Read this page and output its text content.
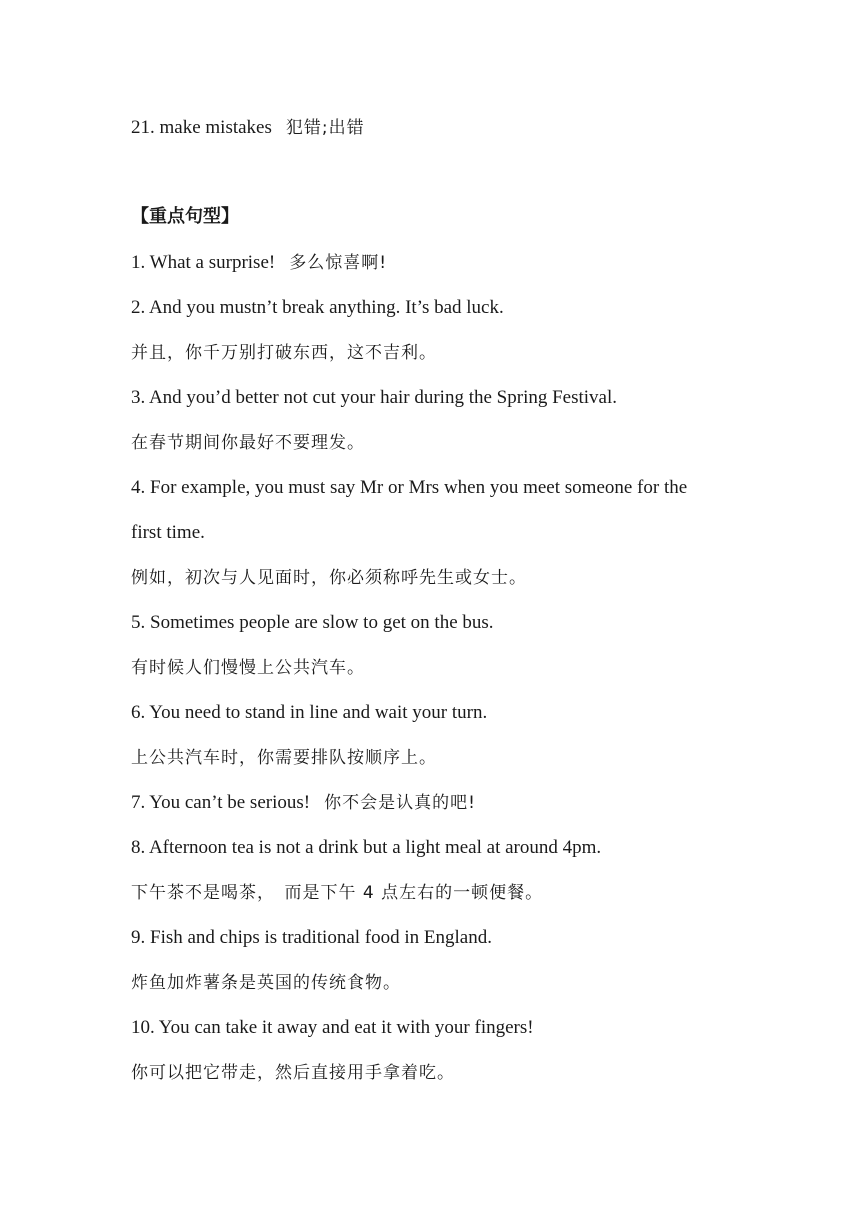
21. make mistakes 犯错;出错
【重点句型】
1. What a surprise! 多么惊喜啊!
2. And you mustn’t break anything. It’s bad luck.
并且，你千万别打破东西，这不吉利。
3. And you’d better not cut your hair during the Spring Festival.
在春节期间你最好不要理发。
4. For example, you must say Mr or Mrs when you meet someone for the
first time.
例如，初次与人见面时，你必须称呼先生或女士。
5. Sometimes people are slow to get on the bus.
有时候人们慢慢上公共汽车。
6. You need to stand in line and wait your turn.
上公共汽车时，你需要排队按顺序上。
7. You can’t be serious! 你不会是认真的吧!
8. Afternoon tea is not a drink but a light meal at around 4pm.
下午茶不是喝茶，　而是下午 4 点左右的一顿便餐。
9. Fish and chips is traditional food in England.
炸鱼加炸薯条是英国的传统食物。
10. You can take it away and eat it with your fingers!
你可以把它带走，然后直接用手拿着吃。
